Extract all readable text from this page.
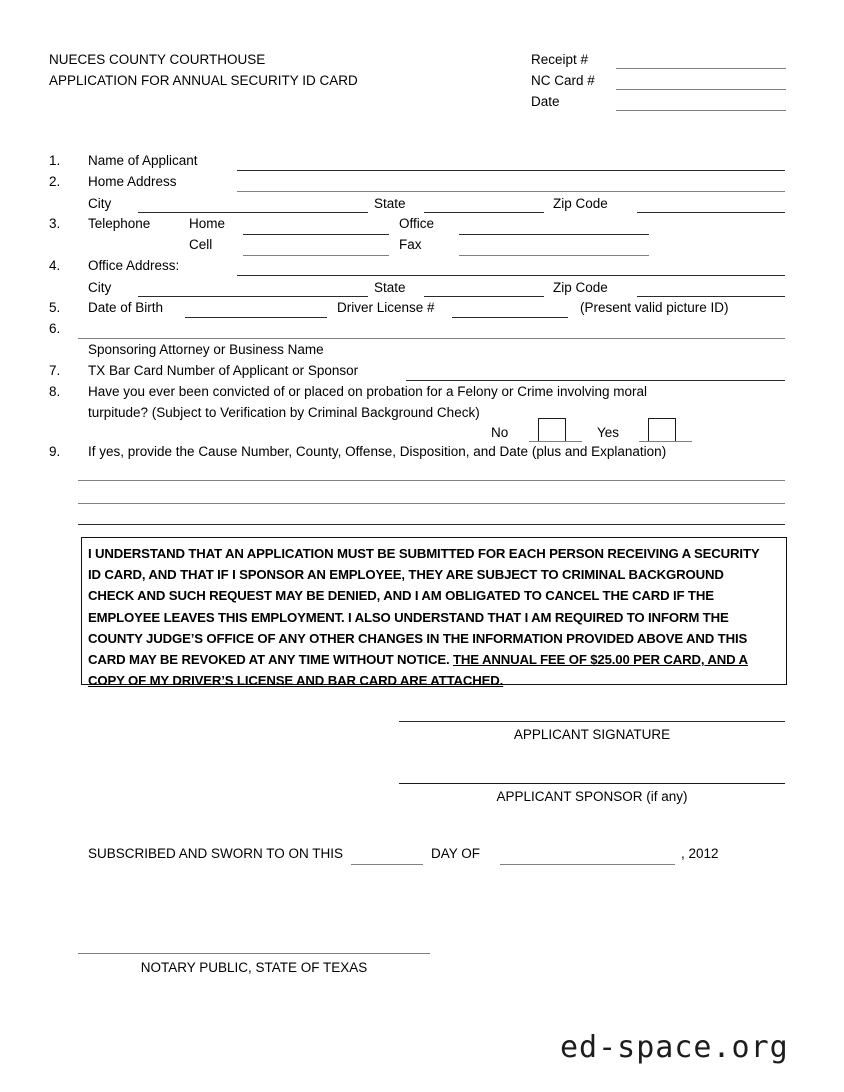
NUECES COUNTY COURTHOUSE
APPLICATION FOR ANNUAL SECURITY ID CARD
Receipt #
NC Card #
Date
1. Name of Applicant
2. Home Address
City	State	Zip Code
3. Telephone	Home	Office
Cell	Fax
4. Office Address:
City	State	Zip Code
5. Date of Birth	Driver License #	(Present valid picture ID)
6.
Sponsoring Attorney or Business Name
7. TX Bar Card Number of Applicant or Sponsor
8. Have you ever been convicted of or placed on probation for a Felony or Crime involving moral
turpitude? (Subject to Verification by Criminal Background Check)
No	Yes
9. If yes, provide the Cause Number, County, Offense, Disposition, and Date (plus and Explanation)
I UNDERSTAND THAT AN APPLICATION MUST BE SUBMITTED FOR EACH PERSON RECEIVING A SECURITY ID CARD, AND THAT IF I SPONSOR AN EMPLOYEE, THEY ARE SUBJECT TO CRIMINAL BACKGROUND CHECK AND SUCH REQUEST MAY BE DENIED, AND I AM OBLIGATED TO CANCEL THE CARD IF THE EMPLOYEE LEAVES THIS EMPLOYMENT. I ALSO UNDERSTAND THAT I AM REQUIRED TO INFORM THE COUNTY JUDGE’S OFFICE OF ANY OTHER CHANGES IN THE INFORMATION PROVIDED ABOVE AND THIS CARD MAY BE REVOKED AT ANY TIME WITHOUT NOTICE. THE ANNUAL FEE OF $25.00 PER CARD, AND A COPY OF MY DRIVER’S LICENSE AND BAR CARD ARE ATTACHED.
APPLICANT SIGNATURE
APPLICANT SPONSOR (if any)
SUBSCRIBED AND SWORN TO ON THIS	DAY OF	, 2012
NOTARY PUBLIC, STATE OF TEXAS
ed-space.org
